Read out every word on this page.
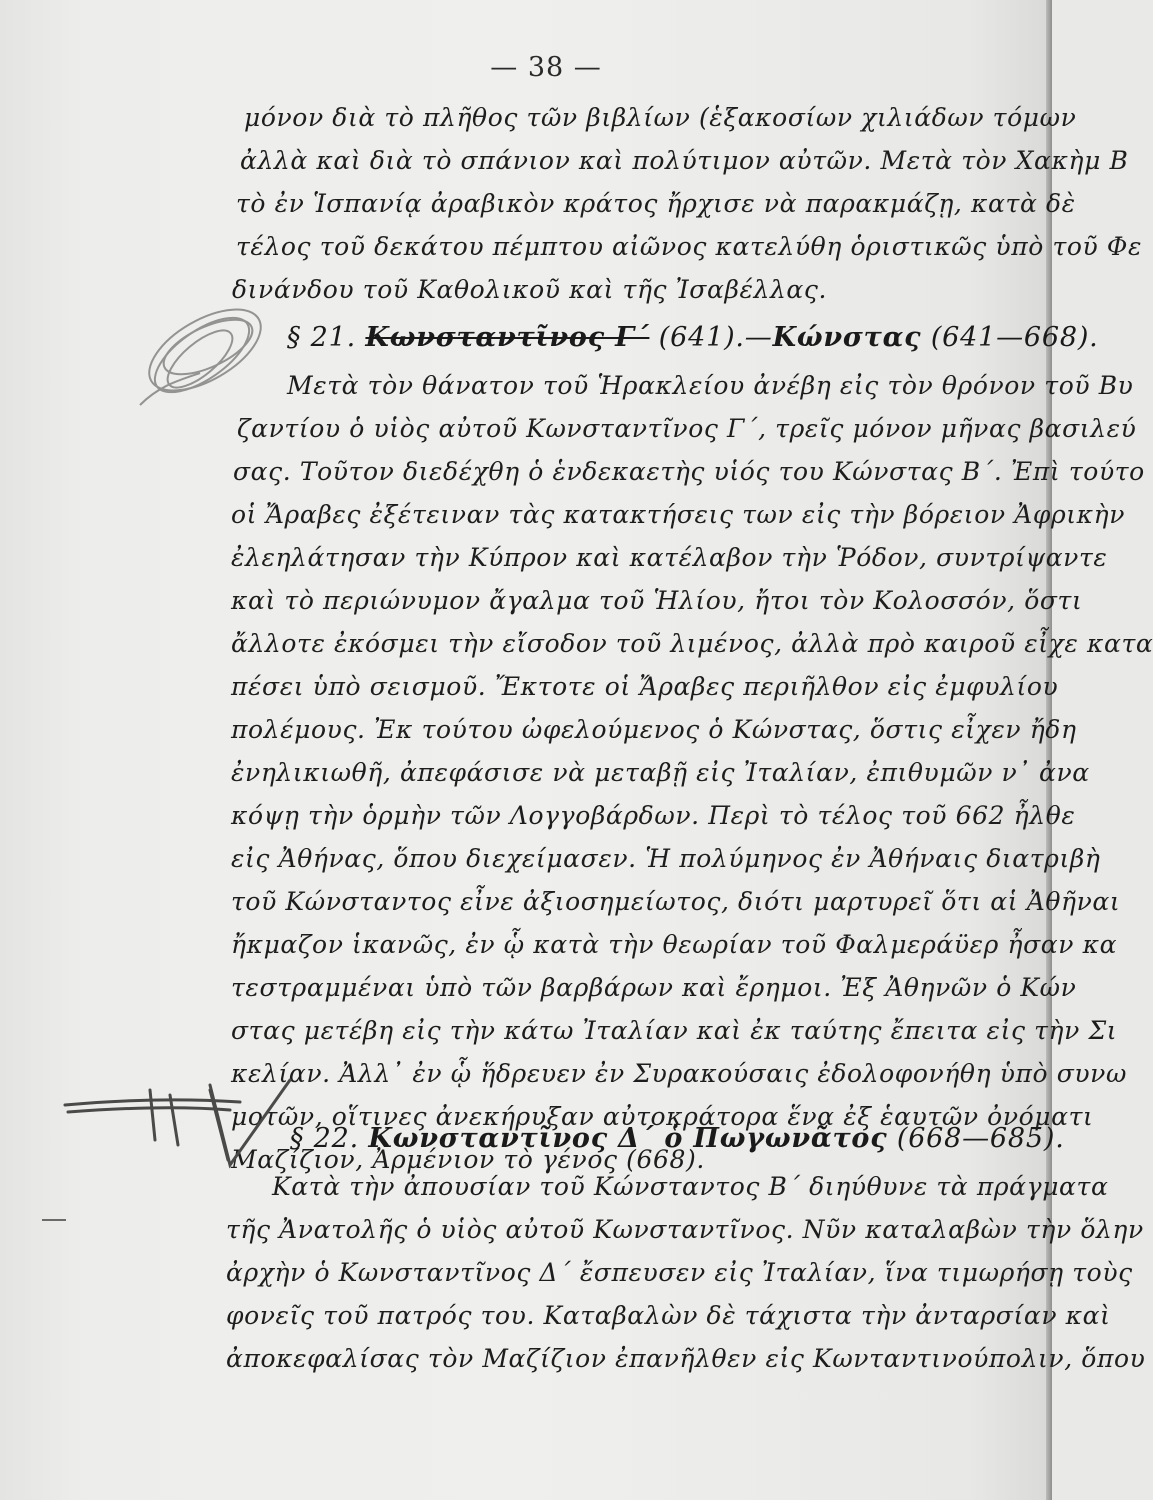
— 38 —
μόνον διὰ τὸ πλῆθος τῶν βιβλίων (ἑξακοσίων χιλιάδων τόμων
ἀλλὰ καὶ διὰ τὸ σπάνιον καὶ πολύτιμον αὐτῶν. Μετὰ τὸν Χακὴμ Β
τὸ ἐν Ἱσπανίᾳ ἀραβικὸν κράτος ἤρχισε νὰ παρακμάζῃ, κατὰ δὲ
τέλος τοῦ δεκάτου πέμπτου αἰῶνος κατελύθη ὁριστικῶς ὑπὸ τοῦ Φε
δινάνδου τοῦ Καθολικοῦ καὶ τῆς Ἰσαβέλλας.
§ 21. Κωνσταντῖνος Γ΄ (641).—Κώνστας (641—668).
Μετὰ τὸν θάνατον τοῦ Ἡρακλείου ἀνέβη εἰς τὸν θρόνον τοῦ Βυ
ζαντίου ὁ υἱὸς αὐτοῦ Κωνσταντῖνος Γ΄, τρεῖς μόνον μῆνας βασιλεύ
σας. Τοῦτον διεδέχθη ὁ ἑνδεκαετὴς υἱός του Κώνστας Β΄. Ἐπὶ τούτο
οἱ Ἄραβες ἐξέτειναν τὰς κατακτήσεις των εἰς τὴν βόρειον Ἀφρικὴν
ἐλεηλάτησαν τὴν Κύπρον καὶ κατέλαβον τὴν Ῥόδον, συντρίψαντε
καὶ τὸ περιώνυμον ἄγαλμα τοῦ Ἡλίου, ἤτοι τὸν Κολοσσόν, ὅστι
ἄλλοτε ἐκόσμει τὴν εἴσοδον τοῦ λιμένος, ἀλλὰ πρὸ καιροῦ εἶχε κατα
πέσει ὑπὸ σεισμοῦ. Ἔκτοτε οἱ Ἄραβες περιῆλθον εἰς ἐμφυλίου
πολέμους. Ἐκ τούτου ὠφελούμενος ὁ Κώνστας, ὅστις εἶχεν ἤδη
ἐνηλικιωθῆ, ἀπεφάσισε νὰ μεταβῇ εἰς Ἰταλίαν, ἐπιθυμῶν ν᾿ ἀνα
κόψῃ τὴν ὁρμὴν τῶν Λογγοβάρδων. Περὶ τὸ τέλος τοῦ 662 ἦλθε
εἰς Ἀθήνας, ὅπου διεχείμασεν. Ἡ πολύμηνος ἐν Ἀθήναις διατριβὴ
τοῦ Κώνσταντος εἶνε ἀξιοσημείωτος, διότι μαρτυρεῖ ὅτι αἱ Ἀθῆναι
ἤκμαζον ἱκανῶς, ἐν ᾧ κατὰ τὴν θεωρίαν τοῦ Φαλμεράϋερ ἦσαν κα
τεστραμμέναι ὑπὸ τῶν βαρβάρων καὶ ἔρημοι. Ἐξ Ἀθηνῶν ὁ Κών
στας μετέβη εἰς τὴν κάτω Ἰταλίαν καὶ ἐκ ταύτης ἔπειτα εἰς τὴν Σι
κελίαν. Ἀλλ᾿ ἐν ᾧ ἥδρευεν ἐν Συρακούσαις ἐδολοφονήθη ὑπὸ συνω
μοτῶν, οἵτινες ἀνεκήρυξαν αὐτοκράτορα ἕνα ἐξ ἑαυτῶν ὀνόματι
Μαζίζιον, Ἀρμένιον τὸ γένος (668).
§ 22. Κωνσταντῖνος Δ΄ ὁ Πωγωνᾶτος (668—685).
Κατὰ τὴν ἀπουσίαν τοῦ Κώνσταντος Β΄ διηύθυνε τὰ πράγματα
τῆς Ἀνατολῆς ὁ υἱὸς αὐτοῦ Κωνσταντῖνος. Νῦν καταλαβὼν τὴν ὅλην
ἀρχὴν ὁ Κωνσταντῖνος Δ΄ ἔσπευσεν εἰς Ἰταλίαν, ἵνα τιμωρήσῃ τοὺς
φονεῖς τοῦ πατρός του. Καταβαλὼν δὲ τάχιστα τὴν ἀνταρσίαν καὶ
ἀποκεφαλίσας τὸν Μαζίζιον ἐπανῆλθεν εἰς Κωνταντινούπολιν, ὅπου
